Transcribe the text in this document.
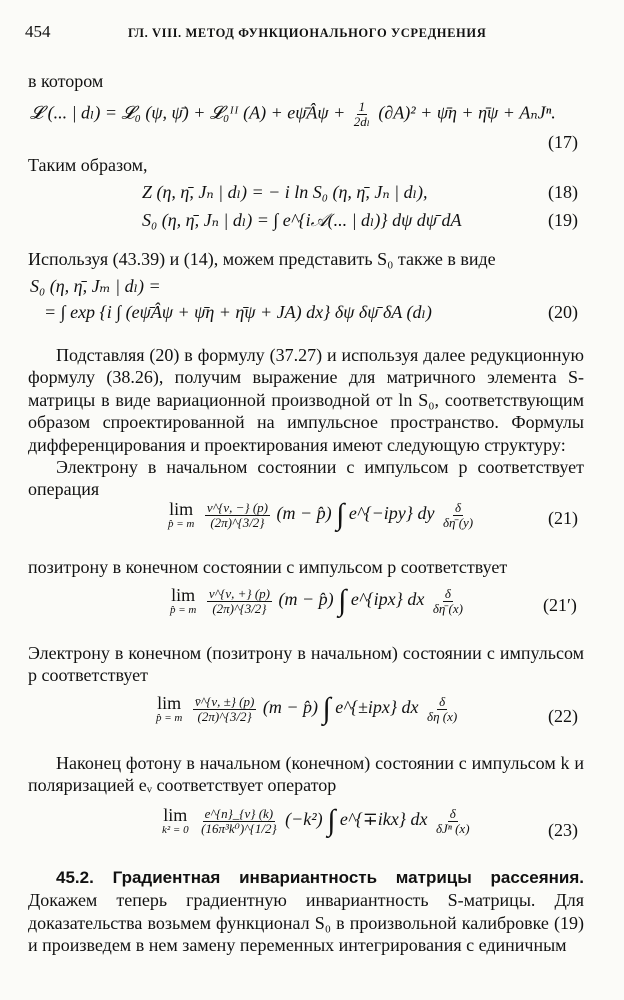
454	ГЛ. VIII. МЕТОД ФУНКЦИОНАЛЬНОГО УСРЕДНЕНИЯ
в котором
𝓛 (... | dₗ) = 𝓛₀ (ψ, ψ̄) + 𝓛₀ᴵᴵ (A) + eψ̄Âψ + $\frac{1}{\text{2dₗ}} (\partial A)^2$ + ψ̄η + η̄ψ + AₙJⁿ.
(17)
Таким образом,
Z (η, η̄, Jₙ | dₗ) = − i ln S₀ (η, η̄, Jₙ | dₗ),	(18)
S₀ (η, η̄, Jₙ | dₗ) = ∫ e^{i𝒜(... | dₗ)} dψ dψ̄ dA	(19)
Используя (43.39) и (14), можем представить S₀ также в виде
S₀ (η, η̄, Jₘ | dₗ) =
= ∫ exp {i ∫ (eψ̄Âψ + ψ̄η + η̄ψ + JA) dx} δψ δψ̄ δA (dₗ)	(20)
Подставляя (20) в формулу (37.27) и используя далее редукционную формулу (38.26), получим выражение для матричного элемента S-матрицы в виде вариационной производной от ln S₀, соответствующим образом спроектированной на импульсное пространство. Формулы дифференцирования и проектирования имеют следующую структуру:
Электрону в начальном состоянии с импульсом p соответствует операция
lim
p̂ = m
$\frac{v\^{}\{\nu, -\} (p)}{(2\pi)\^{}\{3/2\}} (m$ − p̂) ∫ e^{−ipy} dy $\frac{\delta}{\delta\etā (y)}$	(21)
позитрону в конечном состоянии с импульсом p соответствует
lim
p̂ = m
$\frac{v\^{}\{\nu, +\} (p)}{(2\pi)\^{}\{3/2\}} (m$ − p̂) ∫ e^{ipx} dx $\frac{\delta}{\delta\etā (x)}$	(21′)
Электрону в конечном (позитрону в начальном) состоянии с импульсом p соответствует
lim
p̂ = m
$\frac{v̄\^{}\{\nu, \pm\} (p)}{(2\pi)\^{}\{3/2\}} (m$ − p̂) ∫ e^{±ipx} dx $\frac{\delta}{\delta\eta (x)}$	(22)
Наконец фотону в начальном (конечном) состоянии с импульсом k и поляризацией eᵥ соответствует оператор
lim
k² = 0
$\frac{e\^{}\{n\}\_\{\nu\} (k)}{\text{(16π³k⁰)\textasciicircum{}\{1/2\}}} (-k^2)$ ∫ e^{∓ikx} dx $\frac{\delta}{\text{δJⁿ (x)}}$	(23)
45.2. Градиентная инвариантность матрицы рассеяния. Докажем теперь градиентную инвариантность S-матрицы. Для доказательства возьмем функционал S₀ в произвольной калибровке (19) и произведем в нем замену переменных интегрирования с единичным
